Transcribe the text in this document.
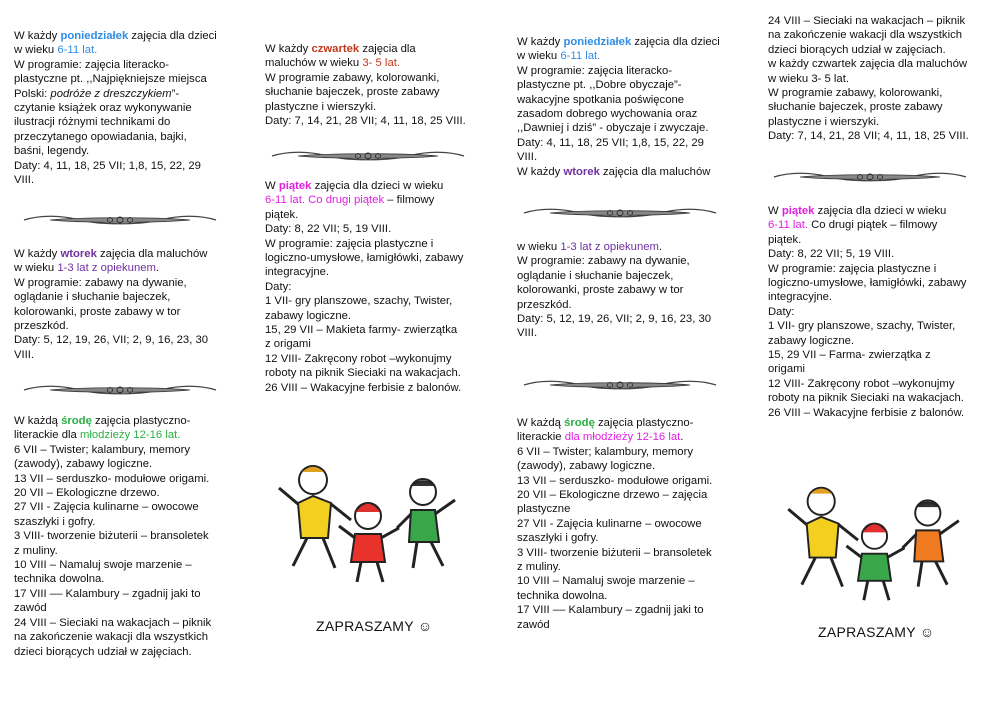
W każdy poniedziałek zajęcia dla dzieci

w wieku 6-11 lat.

W programie: zajęcia literacko-

plastyczne pt. ,,Najpiękniejsze miejsca

Polski: podróże z dreszczykiem”-

czytanie książek oraz wykonywanie

ilustracji różnymi technikami do

przeczytanego opowiadania, bajki,

baśni, legendy.

Daty: 4, 11, 18, 25 VII; 1,8, 15, 22, 29

VIII.

W każdy wtorek zajęcia dla maluchów

w wieku 1-3 lat z opiekunem.

W programie: zabawy na dywanie,

oglądanie i słuchanie bajeczek,

kolorowanki, proste zabawy w tor

przeszkód.

Daty: 5, 12, 19, 26, VII; 2, 9, 16, 23, 30

VIII.

W każdą środę zajęcia plastyczno-

literackie dla młodzieży 12-16 lat.

6 VII – Twister; kalambury, memory

(zawody), zabawy logiczne.

13 VII – serduszko- modułowe origami.

20 VII – Ekologiczne drzewo.

27 VII - Zajęcia kulinarne – owocowe

szaszłyki i gofry.

3 VIII- tworzenie biżuterii – bransoletek

z muliny.

10 VIII – Namaluj swoje marzenie –

technika dowolna.

17 VIII –– Kalambury – zgadnij jaki to

zawód

24 VIII – Sieciaki na wakacjach – piknik

na zakończenie wakacji dla wszystkich

dzieci biorących udział w zajęciach.

W każdy czwartek zajęcia dla

maluchów w wieku 3- 5 lat.

W programie zabawy, kolorowanki,

słuchanie bajeczek, proste zabawy

plastyczne i wierszyki.

Daty: 7, 14, 21, 28 VII; 4, 11, 18, 25 VIII.

W piątek zajęcia dla dzieci w wieku

6-11 lat. Co drugi piątek – filmowy

piątek.

Daty: 8, 22 VII; 5, 19 VIII.

W programie: zajęcia plastyczne i

logiczno-umysłowe, łamigłówki, zabawy

integracyjne.

Daty:

1 VII- gry planszowe, szachy, Twister,

zabawy logiczne.

15, 29 VII – Makieta farmy- zwierzątka

z origami

12 VIII- Zakręcony robot –wykonujmy

roboty na piknik Sieciaki na wakacjach.

26 VIII – Wakacyjne ferbisie z balonów.

ZAPRASZAMY ☺

W każdy poniedziałek zajęcia dla dzieci

w wieku 6-11 lat.

W programie: zajęcia literacko-

plastyczne pt. ,,Dobre obyczaje”-

wakacyjne spotkania poświęcone

zasadom dobrego wychowania oraz

,,Dawniej i dziś” - obyczaje i zwyczaje.

Daty: 4, 11, 18, 25 VII; 1,8, 15, 22, 29

VIII.

W każdy wtorek zajęcia dla maluchów

w wieku 1-3 lat z opiekunem.

W programie: zabawy na dywanie,

oglądanie i słuchanie bajeczek,

kolorowanki, proste zabawy w tor

przeszkód.

Daty: 5, 12, 19, 26, VII; 2, 9, 16, 23, 30

VIII.

W każdą środę zajęcia plastyczno-

literackie dla młodzieży 12-16 lat.

6 VII – Twister; kalambury, memory

(zawody), zabawy logiczne.

13 VII – serduszko- modułowe origami.

20 VII – Ekologiczne drzewo – zajęcia

plastyczne

27 VII - Zajęcia kulinarne – owocowe

szaszłyki i gofry.

3 VIII- tworzenie biżuterii – bransoletek

z muliny.

10 VIII – Namaluj swoje marzenie –

technika dowolna.

17 VIII –– Kalambury – zgadnij jaki to

zawód

24 VIII – Sieciaki na wakacjach – piknik

na zakończenie wakacji dla wszystkich

dzieci biorących udział w zajęciach.

w każdy czwartek zajęcia dla maluchów

w wieku 3- 5 lat.

W programie zabawy, kolorowanki,

słuchanie bajeczek, proste zabawy

plastyczne i wierszyki.

Daty: 7, 14, 21, 28 VII; 4, 11, 18, 25 VIII.

W piątek zajęcia dla dzieci w wieku

6-11 lat. Co drugi piątek – filmowy

piątek.

Daty: 8, 22 VII; 5, 19 VIII.

W programie: zajęcia plastyczne i

logiczno-umysłowe, łamigłówki, zabawy

integracyjne.

Daty:

1 VII- gry planszowe, szachy, Twister,

zabawy logiczne.

15, 29 VII – Farma- zwierzątka z

origami

12 VIII- Zakręcony robot –wykonujmy

roboty na piknik Sieciaki na wakacjach.

26 VIII – Wakacyjne ferbisie z balonów.

ZAPRASZAMY ☺
